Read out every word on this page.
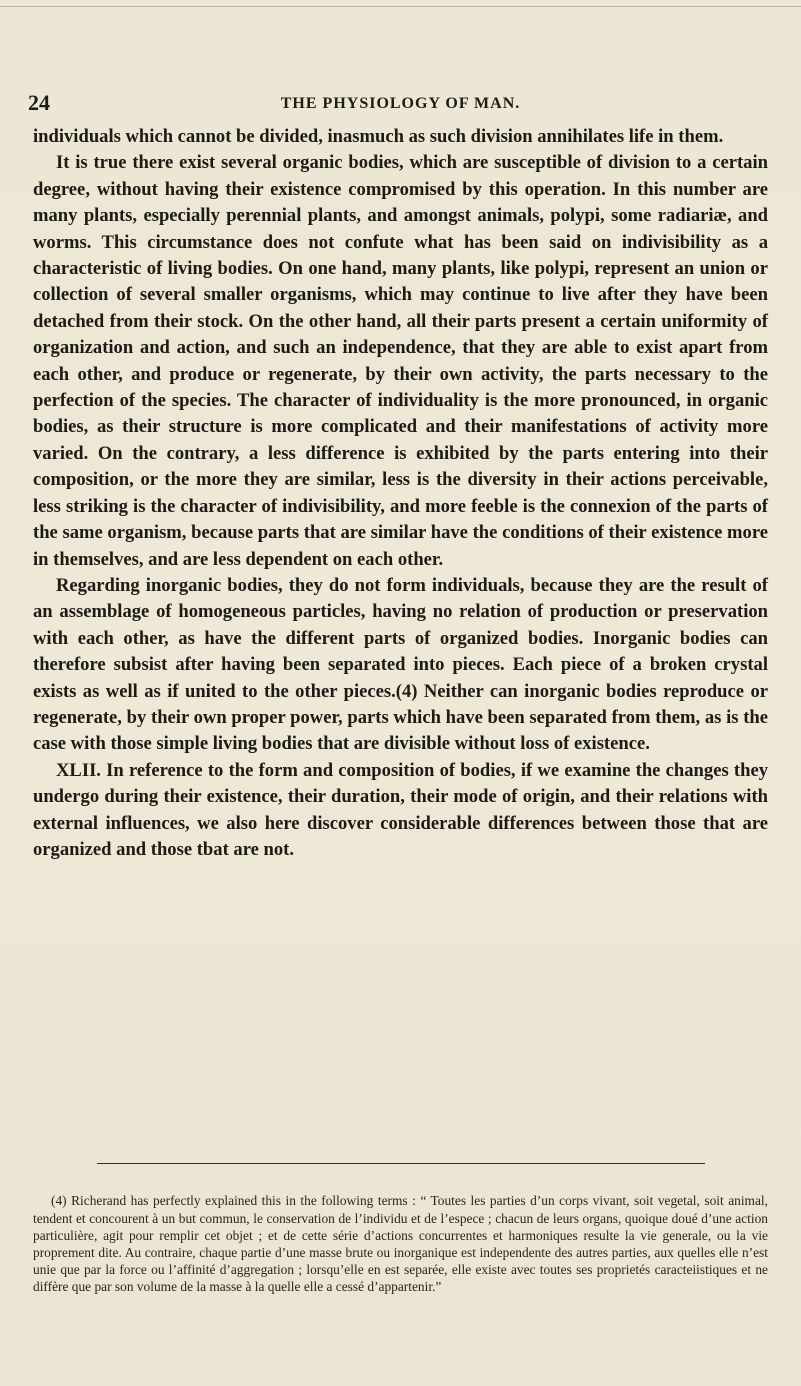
24	THE PHYSIOLOGY OF MAN.

individuals which cannot be divided, inasmuch as such division annihilates life in them.

It is true there exist several organic bodies, which are susceptible of division to a certain degree, without having their existence compromised by this operation. In this number are many plants, especially perennial plants, and amongst animals, polypi, some radiariæ, and worms. This circumstance does not confute what has been said on indivisibility as a characteristic of living bodies. On one hand, many plants, like polypi, represent an union or collection of several smaller organisms, which may continue to live after they have been detached from their stock. On the other hand, all their parts present a certain uniformity of organization and action, and such an independence, that they are able to exist apart from each other, and produce or regenerate, by their own activity, the parts necessary to the perfection of the species. The character of individuality is the more pronounced, in organic bodies, as their structure is more complicated and their manifestations of activity more varied. On the contrary, a less difference is exhibited by the parts entering into their composition, or the more they are similar, less is the diversity in their actions perceivable, less striking is the character of indivisibility, and more feeble is the connexion of the parts of the same organism, because parts that are similar have the conditions of their existence more in themselves, and are less dependent on each other.

Regarding inorganic bodies, they do not form individuals, because they are the result of an assemblage of homogeneous particles, having no relation of production or preservation with each other, as have the different parts of organized bodies. Inorganic bodies can therefore subsist after having been separated into pieces. Each piece of a broken crystal exists as well as if united to the other pieces.(4) Neither can inorganic bodies reproduce or regenerate, by their own proper power, parts which have been separated from them, as is the case with those simple living bodies that are divisible without loss of existence.

XLII. In reference to the form and composition of bodies, if we examine the changes they undergo during their existence, their duration, their mode of origin, and their relations with external influences, we also here discover considerable differences between those that are organized and those tbat are not.

(4) Richerand has perfectly explained this in the following terms : “ Toutes les parties d’un corps vivant, soit vegetal, soit animal, tendent et concourent à un but commun, le conservation de l’individu et de l’espece ; chacun de leurs organs, quoique doué d’une action particulière, agit pour remplir cet objet ; et de cette série d’actions concurrentes et harmoniques resulte la vie generale, ou la vie proprement dite. Au contraire, chaque partie d’une masse brute ou inorganique est independente des autres parties, aux quelles elle n’est unie que par la force ou l’affinité d’aggregation ; lorsqu’elle en est separée, elle existe avec toutes ses proprietés caracteiistiques et ne diffère que par son volume de la masse à la quelle elle a cessé d’appartenir.”
